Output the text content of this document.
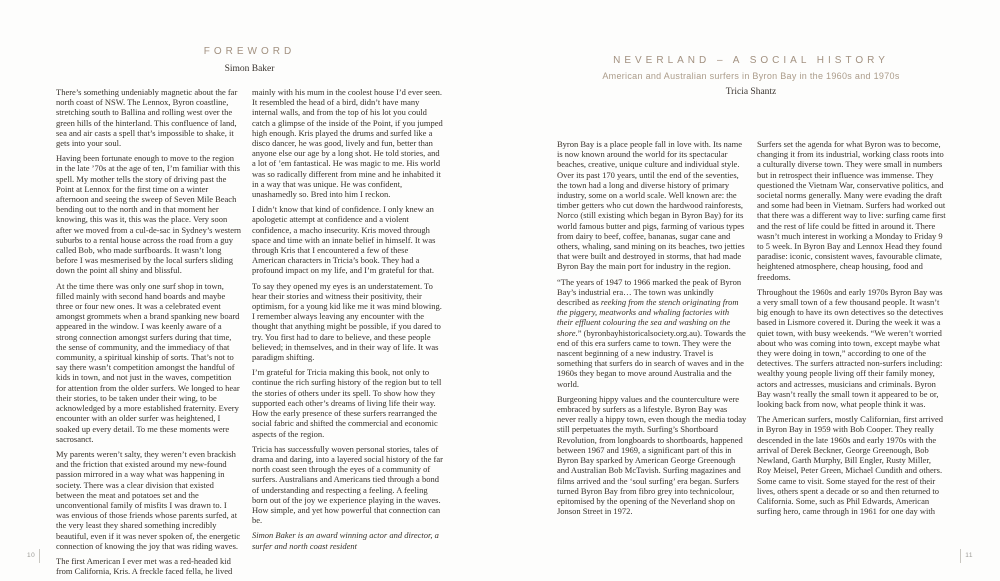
FOREWORD
Simon Baker

There’s something undeniably magnetic about the far north coast of NSW. The Lennox, Byron coastline, stretching south to Ballina and rolling west over the green hills of the hinterland. This confluence of land, sea and air casts a spell that’s impossible to shake, it gets into your soul.

Having been fortunate enough to move to the region in the late ’70s at the age of ten, I’m familiar with this spell. My mother tells the story of driving past the Point at Lennox for the first time on a winter afternoon and seeing the sweep of Seven Mile Beach bending out to the north and in that moment her knowing, this was it, this was the place. Very soon after we moved from a cul-de-sac in Sydney’s western suburbs to a rental house across the road from a guy called Bob, who made surfboards. It wasn’t long before I was mesmerised by the local surfers sliding down the point all shiny and blissful.

At the time there was only one surf shop in town, filled mainly with second hand boards and maybe three or four new ones. It was a celebrated event amongst grommets when a brand spanking new board appeared in the window. I was keenly aware of a strong connection amongst surfers during that time, the sense of community, and the immediacy of that community, a spiritual kinship of sorts. That’s not to say there wasn’t competition amongst the handful of kids in town, and not just in the waves, competition for attention from the older surfers. We longed to hear their stories, to be taken under their wing, to be acknowledged by a more established fraternity. Every encounter with an older surfer was heightened, I soaked up every detail. To me these moments were sacrosanct.

My parents weren’t salty, they weren’t even brackish and the friction that existed around my new-found passion mirrored in a way what was happening in society. There was a clear division that existed between the meat and potatoes set and the unconventional family of misfits I was drawn to. I was envious of those friends whose parents surfed, at the very least they shared something incredibly beautiful, even if it was never spoken of, the energetic connection of knowing the joy that was riding waves.

The first American I ever met was a red-headed kid from California, Kris. A freckle faced fella, he lived

mainly with his mum in the coolest house I’d ever seen. It resembled the head of a bird, didn’t have many internal walls, and from the top of his lot you could catch a glimpse of the inside of the Point, if you jumped high enough. Kris played the drums and surfed like a disco dancer, he was good, lively and fun, better than anyone else our age by a long shot. He told stories, and a lot of ’em fantastical. He was magic to me. His world was so radically different from mine and he inhabited it in a way that was unique. He was confident, unashamedly so. Bred into him I reckon.

I didn’t know that kind of confidence. I only knew an apologetic attempt at confidence and a violent confidence, a macho insecurity. Kris moved through space and time with an innate belief in himself. It was through Kris that I encountered a few of these American characters in Tricia’s book. They had a profound impact on my life, and I’m grateful for that.

To say they opened my eyes is an understatement. To hear their stories and witness their positivity, their optimism, for a young kid like me it was mind blowing. I remember always leaving any encounter with the thought that anything might be possible, if you dared to try. You first had to dare to believe, and these people believed; in themselves, and in their way of life. It was paradigm shifting.

I’m grateful for Tricia making this book, not only to continue the rich surfing history of the region but to tell the stories of others under its spell. To show how they supported each other’s dreams of living life their way. How the early presence of these surfers rearranged the social fabric and shifted the commercial and economic aspects of the region.

Tricia has successfully woven personal stories, tales of drama and daring, into a layered social history of the far north coast seen through the eyes of a community of surfers. Australians and Americans tied through a bond of understanding and respecting a feeling. A feeling born out of the joy we experience playing in the waves. How simple, and yet how powerful that connection can be.

Simon Baker is an award winning actor and director, a surfer and north coast resident

10
NEVERLAND – A SOCIAL HISTORY
American and Australian surfers in Byron Bay in the 1960s and 1970s
Tricia Shantz

Byron Bay is a place people fall in love with. Its name is now known around the world for its spectacular beaches, creative, unique culture and individual style. Over its past 170 years, until the end of the seventies, the town had a long and diverse history of primary industry, some on a world scale. Well known are: the timber getters who cut down the hardwood rainforests, Norco (still existing which began in Byron Bay) for its world famous butter and pigs, farming of various types from dairy to beef, coffee, bananas, sugar cane and others, whaling, sand mining on its beaches, two jetties that were built and destroyed in storms, that had made Byron Bay the main port for industry in the region.

“The years of 1947 to 1966 marked the peak of Byron Bay’s industrial era… The town was unkindly described as reeking from the stench originating from the piggery, meatworks and whaling factories with their effluent colouring the sea and washing on the shore.” (byronbayhistoricalsociety.org.au). Towards the end of this era surfers came to town. They were the nascent beginning of a new industry. Travel is something that surfers do in search of waves and in the 1960s they began to move around Australia and the world.

Burgeoning hippy values and the counterculture were embraced by surfers as a lifestyle. Byron Bay was never really a hippy town, even though the media today still perpetuates the myth. Surfing’s Shortboard Revolution, from longboards to shortboards, happened between 1967 and 1969, a significant part of this in Byron Bay sparked by American George Greenough and Australian Bob McTavish. Surfing magazines and films arrived and the ‘soul surfing’ era began. Surfers turned Byron Bay from fibro grey into technicolour, epitomised by the opening of the Neverland shop on Jonson Street in 1972.

Surfers set the agenda for what Byron was to become, changing it from its industrial, working class roots into a culturally diverse town. They were small in numbers but in retrospect their influence was immense. They questioned the Vietnam War, conservative politics, and societal norms generally. Many were evading the draft and some had been in Vietnam. Surfers had worked out that there was a different way to live: surfing came first and the rest of life could be fitted in around it. There wasn’t much interest in working a Monday to Friday 9 to 5 week. In Byron Bay and Lennox Head they found paradise: iconic, consistent waves, favourable climate, heightened atmosphere, cheap housing, food and freedoms.

Throughout the 1960s and early 1970s Byron Bay was a very small town of a few thousand people. It wasn’t big enough to have its own detectives so the detectives based in Lismore covered it. During the week it was a quiet town, with busy weekends. “We weren’t worried about who was coming into town, except maybe what they were doing in town,” according to one of the detectives. The surfers attracted non-surfers including: wealthy young people living off their family money, actors and actresses, musicians and criminals. Byron Bay wasn’t really the small town it appeared to be or, looking back from now, what people think it was.

The American surfers, mostly Californian, first arrived in Byron Bay in 1959 with Bob Cooper. They really descended in the late 1960s and early 1970s with the arrival of Derek Beckner, George Greenough, Bob Newland, Garth Murphy, Bill Engler, Rusty Miller, Roy Meisel, Peter Green, Michael Cundith and others. Some came to visit. Some stayed for the rest of their lives, others spent a decade or so and then returned to California. Some, such as Phil Edwards, American surfing hero, came through in 1961 for one day with

11
